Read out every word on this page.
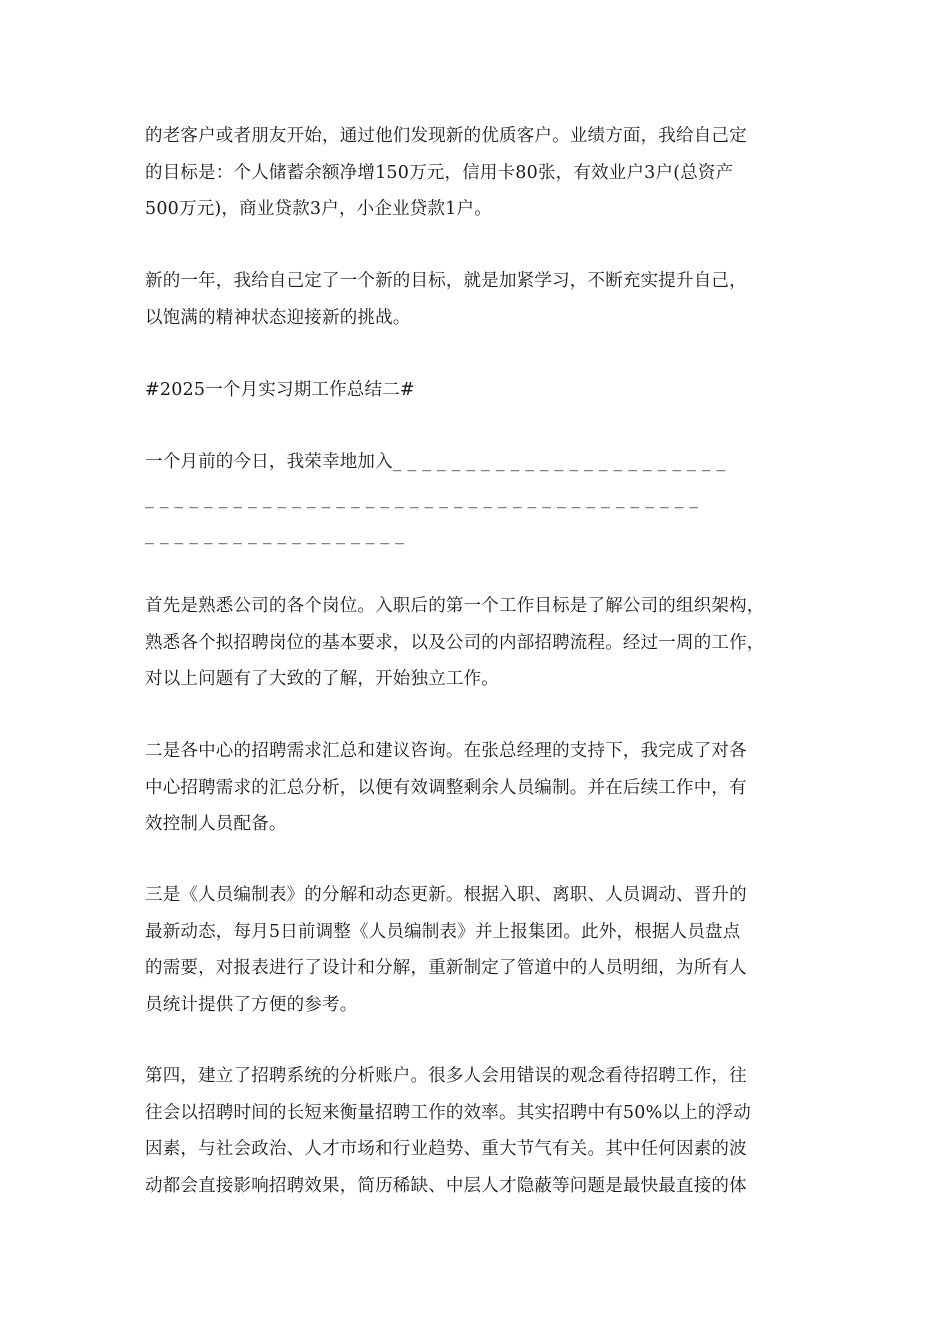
的老客户或者朋友开始，通过他们发现新的优质客户。业绩方面，我给自己定
的目标是：个人储蓄余额净增150万元，信用卡80张，有效业户3户(总资产
500万元)，商业贷款3户，小企业贷款1户。

新的一年，我给自己定了一个新的目标，就是加紧学习，不断充实提升自己，
以饱满的精神状态迎接新的挑战。

#2025一个月实习期工作总结二#

一个月前的今日，我荣幸地加入_ _ _ _ _ _ _ _ _ _ _ _ _ _ _ _ _ _ _ _ _ _ _
_ _ _ _ _ _ _ _ _ _ _ _ _ _ _ _ _ _ _ _ _ _ _ _ _ _ _ _ _ _ _ _ _ _ _ _ _ _
_ _ _ _ _ _ _ _ _ _ _ _ _ _ _ _ _ _

首先是熟悉公司的各个岗位。入职后的第一个工作目标是了解公司的组织架构，
熟悉各个拟招聘岗位的基本要求，以及公司的内部招聘流程。经过一周的工作，
对以上问题有了大致的了解，开始独立工作。

二是各中心的招聘需求汇总和建议咨询。在张总经理的支持下，我完成了对各
中心招聘需求的汇总分析，以便有效调整剩余人员编制。并在后续工作中，有
效控制人员配备。

三是《人员编制表》的分解和动态更新。根据入职、离职、人员调动、晋升的
最新动态，每月5日前调整《人员编制表》并上报集团。此外，根据人员盘点
的需要，对报表进行了设计和分解，重新制定了管道中的人员明细，为所有人
员统计提供了方便的参考。

第四，建立了招聘系统的分析账户。很多人会用错误的观念看待招聘工作，往
往会以招聘时间的长短来衡量招聘工作的效率。其实招聘中有50%以上的浮动
因素，与社会政治、人才市场和行业趋势、重大节气有关。其中任何因素的波
动都会直接影响招聘效果，简历稀缺、中层人才隐蔽等问题是最快最直接的体
